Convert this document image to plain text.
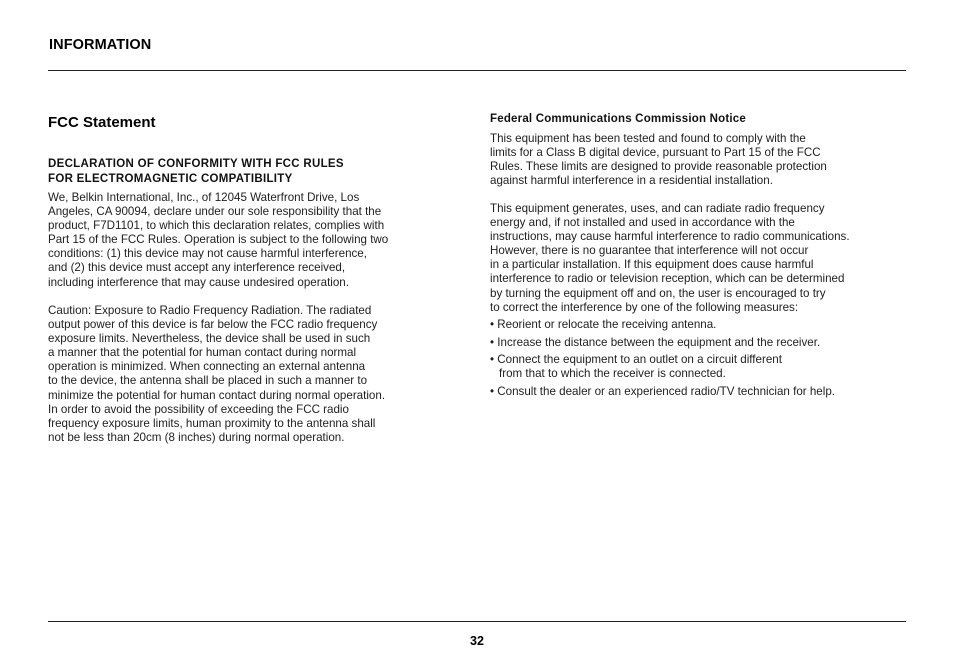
INFORMATION
FCC Statement
DECLARATION OF CONFORMITY WITH FCC RULES
FOR ELECTROMAGNETIC COMPATIBILITY

We, Belkin International, Inc., of 12045 Waterfront Drive, Los
Angeles, CA 90094, declare under our sole responsibility that the
product, F7D1101, to which this declaration relates, complies with
Part 15 of the FCC Rules. Operation is subject to the following two
conditions: (1) this device may not cause harmful interference,
and (2) this device must accept any interference received,
including interference that may cause undesired operation.

Caution: Exposure to Radio Frequency Radiation. The radiated
output power of this device is far below the FCC radio frequency
exposure limits. Nevertheless, the device shall be used in such
a manner that the potential for human contact during normal
operation is minimized. When connecting an external antenna
to the device, the antenna shall be placed in such a manner to
minimize the potential for human contact during normal operation.
In order to avoid the possibility of exceeding the FCC radio
frequency exposure limits, human proximity to the antenna shall
not be less than 20cm (8 inches) during normal operation.

Federal Communications Commission Notice

This equipment has been tested and found to comply with the
limits for a Class B digital device, pursuant to Part 15 of the FCC
Rules. These limits are designed to provide reasonable protection
against harmful interference in a residential installation.

This equipment generates, uses, and can radiate radio frequency
energy and, if not installed and used in accordance with the
instructions, may cause harmful interference to radio communications.
However, there is no guarantee that interference will not occur
in a particular installation. If this equipment does cause harmful
interference to radio or television reception, which can be determined
by turning the equipment off and on, the user is encouraged to try
to correct the interference by one of the following measures:

• Reorient or relocate the receiving antenna.
• Increase the distance between the equipment and the receiver.
• Connect the equipment to an outlet on a circuit different
from that to which the receiver is connected.
• Consult the dealer or an experienced radio/TV technician for help.
32
